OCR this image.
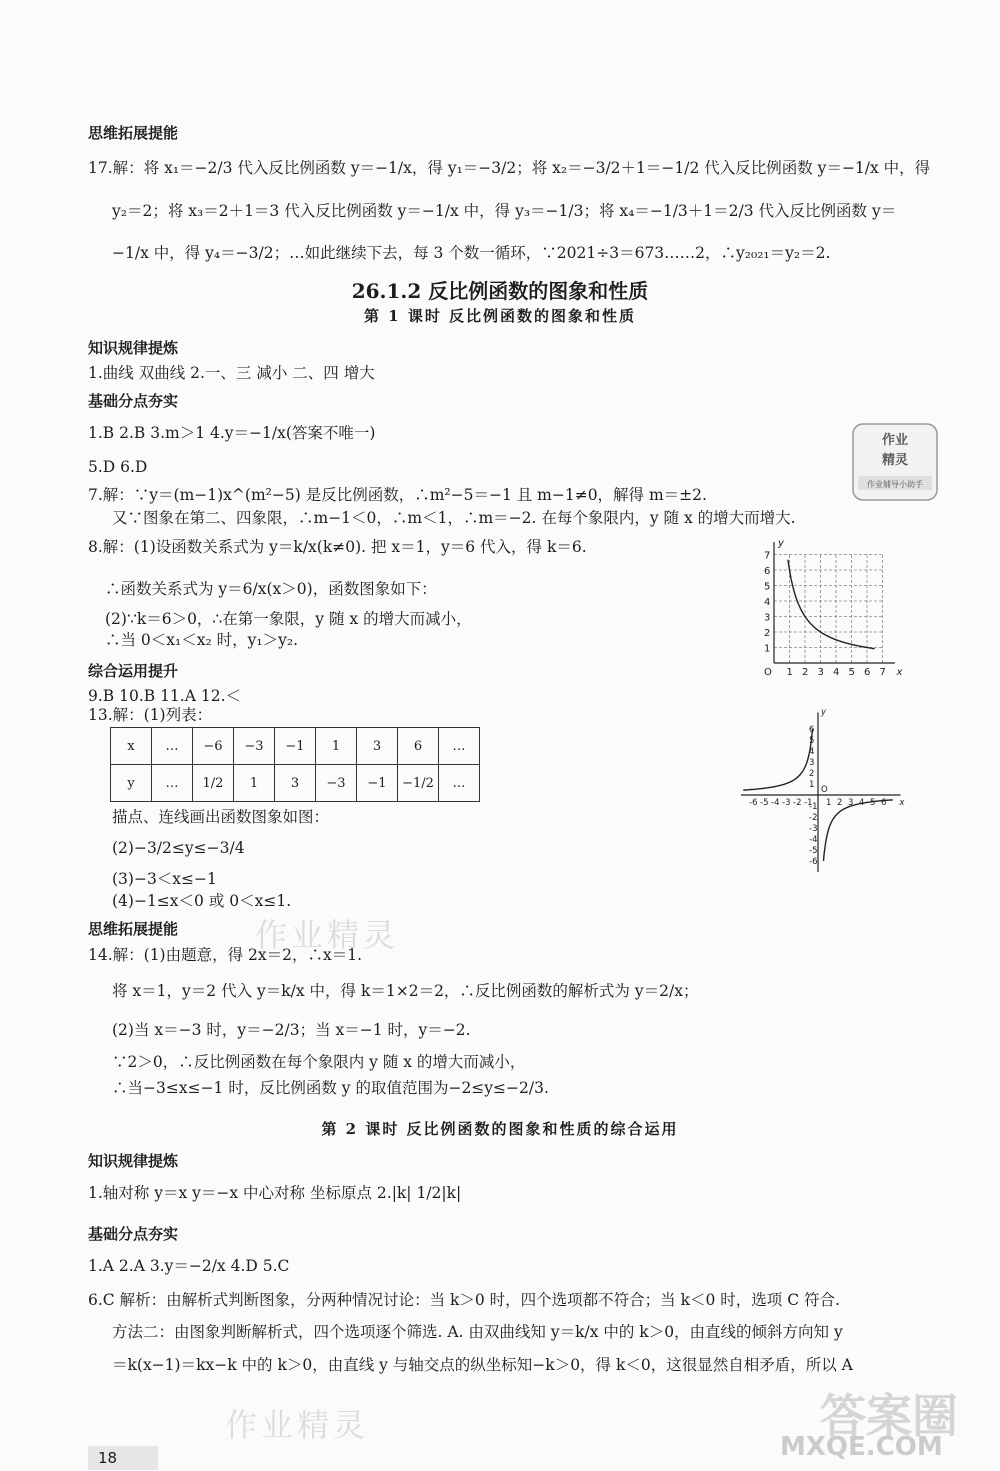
思维拓展提能
17.解：将 x₁＝−2/3 代入反比例函数 y＝−1/x，得 y₁＝−3/2；将 x₂＝−3/2＋1＝−1/2 代入反比例函数 y＝−1/x 中，得
y₂＝2；将 x₃＝2＋1＝3 代入反比例函数 y＝−1/x 中，得 y₃＝−1/3；将 x₄＝−1/3＋1＝2/3 代入反比例函数 y＝
−1/x 中，得 y₄＝−3/2；…如此继续下去，每 3 个数一循环，∵2021÷3＝673……2，∴y₂₀₂₁＝y₂＝2.
26.1.2 反比例函数的图象和性质
第 1 课时 反比例函数的图象和性质
知识规律提炼
1.曲线 双曲线 2.一、三 减小 二、四 增大
基础分点夯实
1.B 2.B 3.m＞1 4.y＝−1/x(答案不唯一)
5.D 6.D
7.解：∵y＝(m−1)x^(m²−5) 是反比例函数，∴m²−5＝−1 且 m−1≠0，解得 m＝±2.
又∵图象在第二、四象限，∴m−1＜0，∴m＜1，∴m＝−2. 在每个象限内，y 随 x 的增大而增大.
8.解：(1)设函数关系式为 y＝k/x(k≠0). 把 x＝1，y＝6 代入，得 k＝6.
∴函数关系式为 y＝6/x(x＞0)，函数图象如下：
(2)∵k＝6＞0，∴在第一象限，y 随 x 的增大而减小，
∴当 0＜x₁＜x₂ 时，y₁＞y₂.
综合运用提升
9.B 10.B 11.A 12.＜
13.解：(1)列表：
x	…	−6	−3	−1	1	3	6	…
y	…	1/2	1	3	−3	−1	−1/2	…
描点、连线画出函数图象如图：
(2)−3/2≤y≤−3/4
(3)−3＜x≤−1
(4)−1≤x＜0 或 0＜x≤1.
思维拓展提能
14.解：(1)由题意，得 2x＝2，∴x＝1.
将 x＝1，y＝2 代入 y＝k/x 中，得 k＝1×2＝2，∴反比例函数的解析式为 y＝2/x；
(2)当 x＝−3 时，y＝−2/3；当 x＝−1 时，y＝−2.
∵2＞0，∴反比例函数在每个象限内 y 随 x 的增大而减小，
∴当−3≤x≤−1 时，反比例函数 y 的取值范围为−2≤y≤−2/3.
第 2 课时 反比例函数的图象和性质的综合运用
知识规律提炼
1.轴对称 y＝x y＝−x 中心对称 坐标原点 2.|k| 1/2|k|
基础分点夯实
1.A 2.A 3.y＝−2/x 4.D 5.C
6.C 解析：由解析式判断图象，分两种情况讨论：当 k＞0 时，四个选项都不符合；当 k＜0 时，选项 C 符合.
方法二：由图象判断解析式，四个选项逐个筛选. A. 由双曲线知 y＝k/x 中的 k＞0，由直线的倾斜方向知 y
＝k(x−1)＝kx−k 中的 k＞0，由直线 y 与轴交点的纵坐标知−k＞0，得 k＜0，这很显然自相矛盾，所以 A
作业
精灵
作业辅导小助手
1 2 3 4 5 6 7
1
2
3
4
5
6
7
O	x
y
-6 -5 -4 -3 -2 -1 1 2 3 4 5 6
6
5
4
3
2
1
-1
-2
-3
-4
-5
-6
O
x
y
18
作业精灵
作业精灵	答案圈
MXQE.COM
